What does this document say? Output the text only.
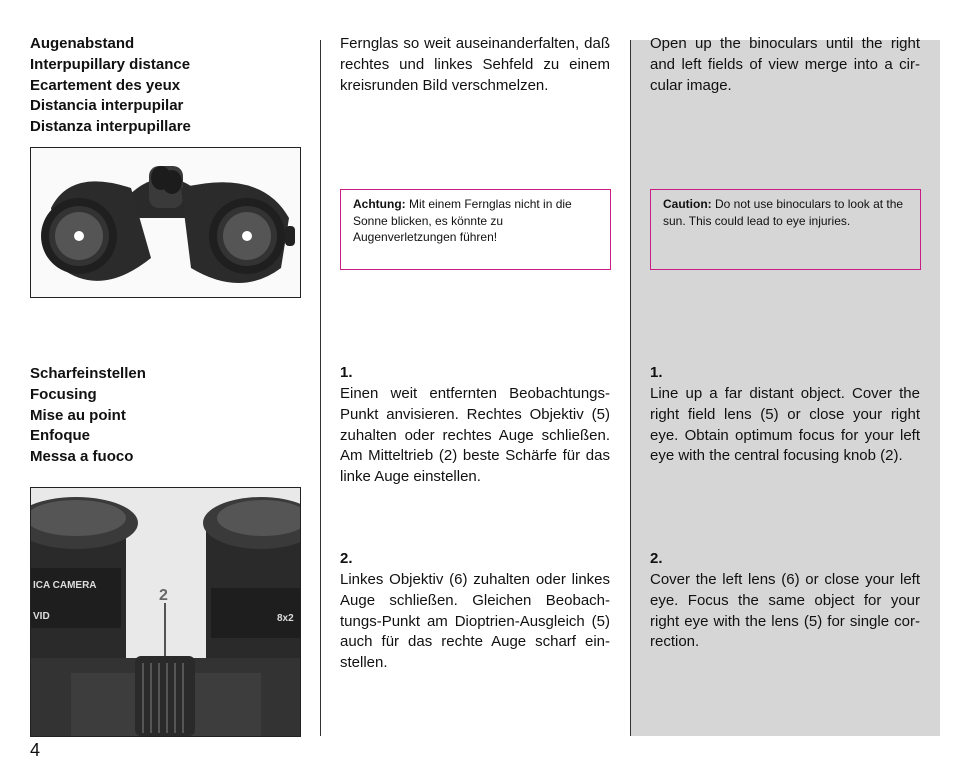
Augenabstand
Interpupillary distance
Ecartement des yeux
Distancia interpupilar
Distanza interpupillare
Scharfeinstellen
Focusing
Mise au point
Enfoque
Messa a fuoco
ICA CAMERA
VID	8x2
2
Fernglas so weit auseinanderfalten, daß rechtes und linkes Sehfeld zu einem kreisrunden Bild verschmelzen.
Achtung: Mit einem Fernglas nicht in die Sonne blicken, es könnte zu Augenverletzungen führen!
1.
Einen weit entfernten Beobachtungs-Punkt anvisieren. Rechtes Objektiv (5) zuhalten oder rechtes Auge schließen. Am Mitteltrieb (2) beste Schärfe für das linke Auge einstellen.
2.
Linkes Objektiv (6) zuhalten oder linkes Auge schließen. Gleichen Beobach-tungs-Punkt am Dioptrien-Ausgleich (5) auch für das rechte Auge scharf ein-stellen.
Open up the binoculars until the right and left fields of view merge into a cir-cular image.
Caution: Do not use binoculars to look at the sun. This could lead to eye injuries.
1.
Line up a far distant object. Cover the right field lens (5) or close your right eye. Obtain optimum focus for your left eye with the central focusing knob (2).
2.
Cover the left lens (6) or close your left eye. Focus the same object for your right eye with the lens (5) for single cor-rection.
4
